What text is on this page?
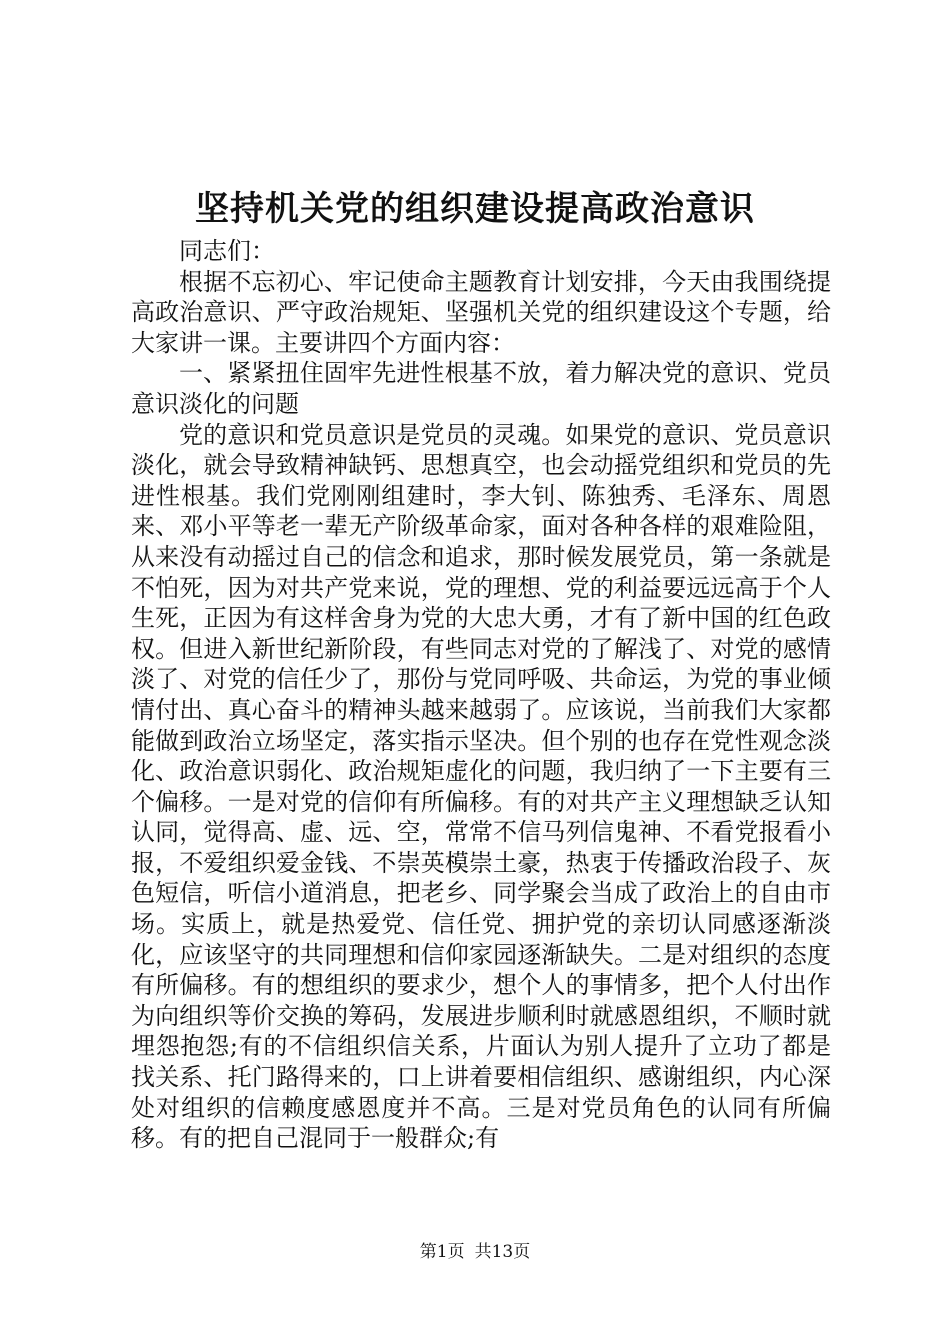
坚持机关党的组织建设提高政治意识

同志们：

根据不忘初心、牢记使命主题教育计划安排，今天由我围绕提高政治意识、严守政治规矩、坚强机关党的组织建设这个专题，给大家讲一课。主要讲四个方面内容：

一、紧紧扭住固牢先进性根基不放，着力解决党的意识、党员意识淡化的问题

党的意识和党员意识是党员的灵魂。如果党的意识、党员意识淡化，就会导致精神缺钙、思想真空，也会动摇党组织和党员的先进性根基。我们党刚刚组建时，李大钊、陈独秀、毛泽东、周恩来、邓小平等老一辈无产阶级革命家，面对各种各样的艰难险阻，从来没有动摇过自己的信念和追求，那时候发展党员，第一条就是不怕死，因为对共产党来说，党的理想、党的利益要远远高于个人生死，正因为有这样舍身为党的大忠大勇，才有了新中国的红色政权。但进入新世纪新阶段，有些同志对党的了解浅了、对党的感情淡了、对党的信任少了，那份与党同呼吸、共命运，为党的事业倾情付出、真心奋斗的精神头越来越弱了。应该说，当前我们大家都能做到政治立场坚定，落实指示坚决。但个别的也存在党性观念淡化、政治意识弱化、政治规矩虚化的问题，我归纳了一下主要有三个偏移。一是对党的信仰有所偏移。有的对共产主义理想缺乏认知认同，觉得高、虚、远、空，常常不信马列信鬼神、不看党报看小报，不爱组织爱金钱、不崇英模崇土豪，热衷于传播政治段子、灰色短信，听信小道消息，把老乡、同学聚会当成了政治上的自由市场。实质上，就是热爱党、信任党、拥护党的亲切认同感逐渐淡化，应该坚守的共同理想和信仰家园逐渐缺失。二是对组织的态度有所偏移。有的想组织的要求少，想个人的事情多，把个人付出作为向组织等价交换的筹码，发展进步顺利时就感恩组织，不顺时就埋怨抱怨;有的不信组织信关系，片面认为别人提升了立功了都是找关系、托门路得来的，口上讲着要相信组织、感谢组织，内心深处对组织的信赖度感恩度并不高。三是对党员角色的认同有所偏移。有的把自己混同于一般群众;有

第1页 共13页
